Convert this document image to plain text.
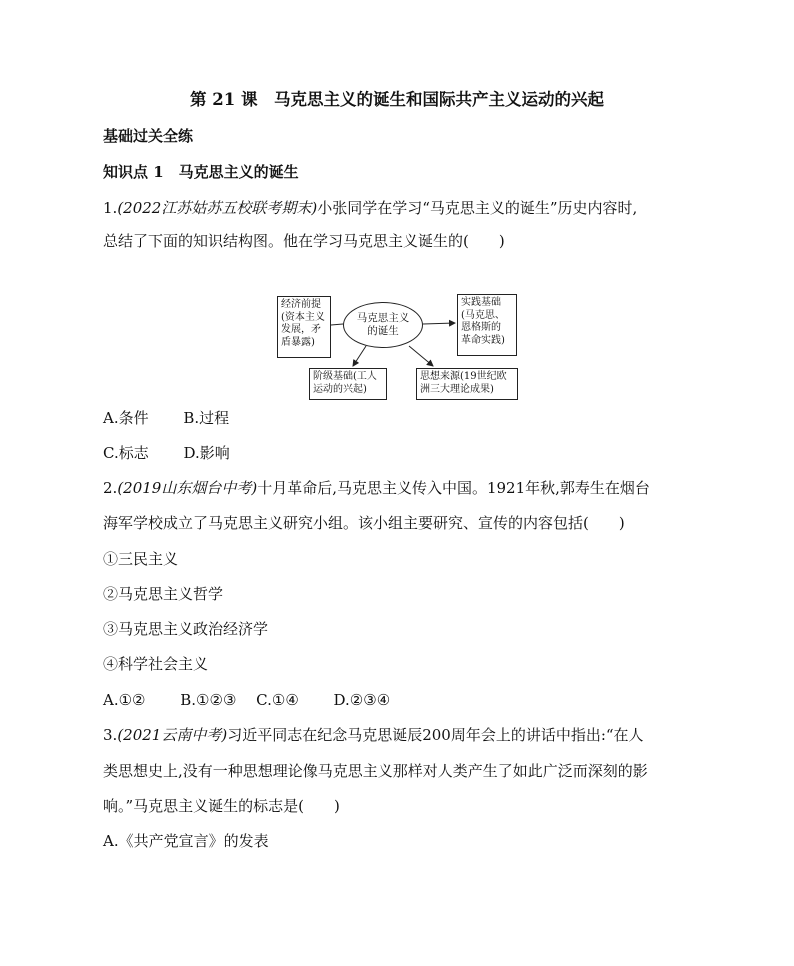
第 21 课　马克思主义的诞生和国际共产主义运动的兴起
基础过关全练
知识点 1　马克思主义的诞生
1.(2022江苏姑苏五校联考期末)小张同学在学习“马克思主义的诞生”历史内容时,
总结了下面的知识结构图。他在学习马克思主义诞生的(　　)
经济前提
(资本主义
发展，矛
盾暴露)
马克思主义
的诞生
实践基础
(马克思、
恩格斯的
革命实践)
阶级基础(工人
运动的兴起)
思想来源(19世纪欧
洲三大理论成果)
A.条件　　 B.过程
C.标志　　 D.影响
2.(2019山东烟台中考)十月革命后,马克思主义传入中国。1921年秋,郭寿生在烟台
海军学校成立了马克思主义研究小组。该小组主要研究、宣传的内容包括(　　)
①三民主义
②马克思主义哲学
③马克思主义政治经济学
④科学社会主义
A.①②　　 B.①②③　 C.①④　　 D.②③④
3.(2021云南中考)习近平同志在纪念马克思诞辰200周年会上的讲话中指出:“在人
类思想史上,没有一种思想理论像马克思主义那样对人类产生了如此广泛而深刻的影
响。”马克思主义诞生的标志是(　　)
A.《共产党宣言》的发表
